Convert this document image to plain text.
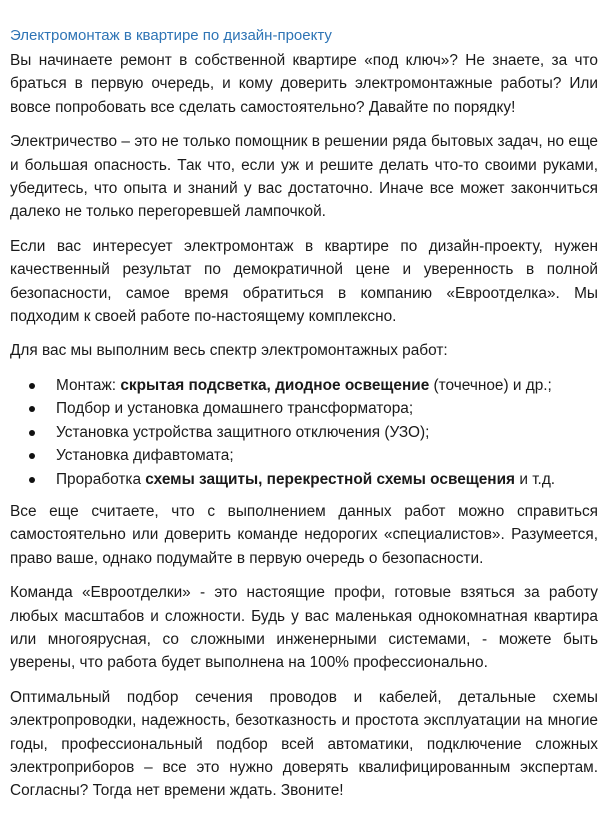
Электромонтаж в квартире по дизайн-проекту

Вы начинаете ремонт в собственной квартире «под ключ»? Не знаете, за что браться в первую очередь, и кому доверить электромонтажные работы? Или вовсе попробовать все сделать самостоятельно? Давайте по порядку!

Электричество – это не только помощник в решении ряда бытовых задач, но еще и большая опасность. Так что, если уж и решите делать что-то своими руками, убедитесь, что опыта и знаний у вас достаточно. Иначе все может закончиться далеко не только перегоревшей лампочкой.

Если вас интересует электромонтаж в квартире по дизайн-проекту, нужен качественный результат по демократичной цене и уверенность в полной безопасности, самое время обратиться в компанию «Евроотделка». Мы подходим к своей работе по-настоящему комплексно.

Для вас мы выполним весь спектр электромонтажных работ:

Монтаж: скрытая подсветка, диодное освещение (точечное) и др.;
Подбор и установка домашнего трансформатора;
Установка устройства защитного отключения (УЗО);
Установка дифавтомата;
Проработка схемы защиты, перекрестной схемы освещения и т.д.

Все еще считаете, что с выполнением данных работ можно справиться самостоятельно или доверить команде недорогих «специалистов». Разумеется, право ваше, однако подумайте в первую очередь о безопасности.

Команда «Евроотделки» - это настоящие профи, готовые взяться за работу любых масштабов и сложности. Будь у вас маленькая однокомнатная квартира или многоярусная, со сложными инженерными системами, - можете быть уверены, что работа будет выполнена на 100% профессионально.

Оптимальный подбор сечения проводов и кабелей, детальные схемы электропроводки, надежность, безотказность и простота эксплуатации на многие годы, профессиональный подбор всей автоматики, подключение сложных электроприборов – все это нужно доверять квалифицированным экспертам. Согласны? Тогда нет времени ждать. Звоните!
